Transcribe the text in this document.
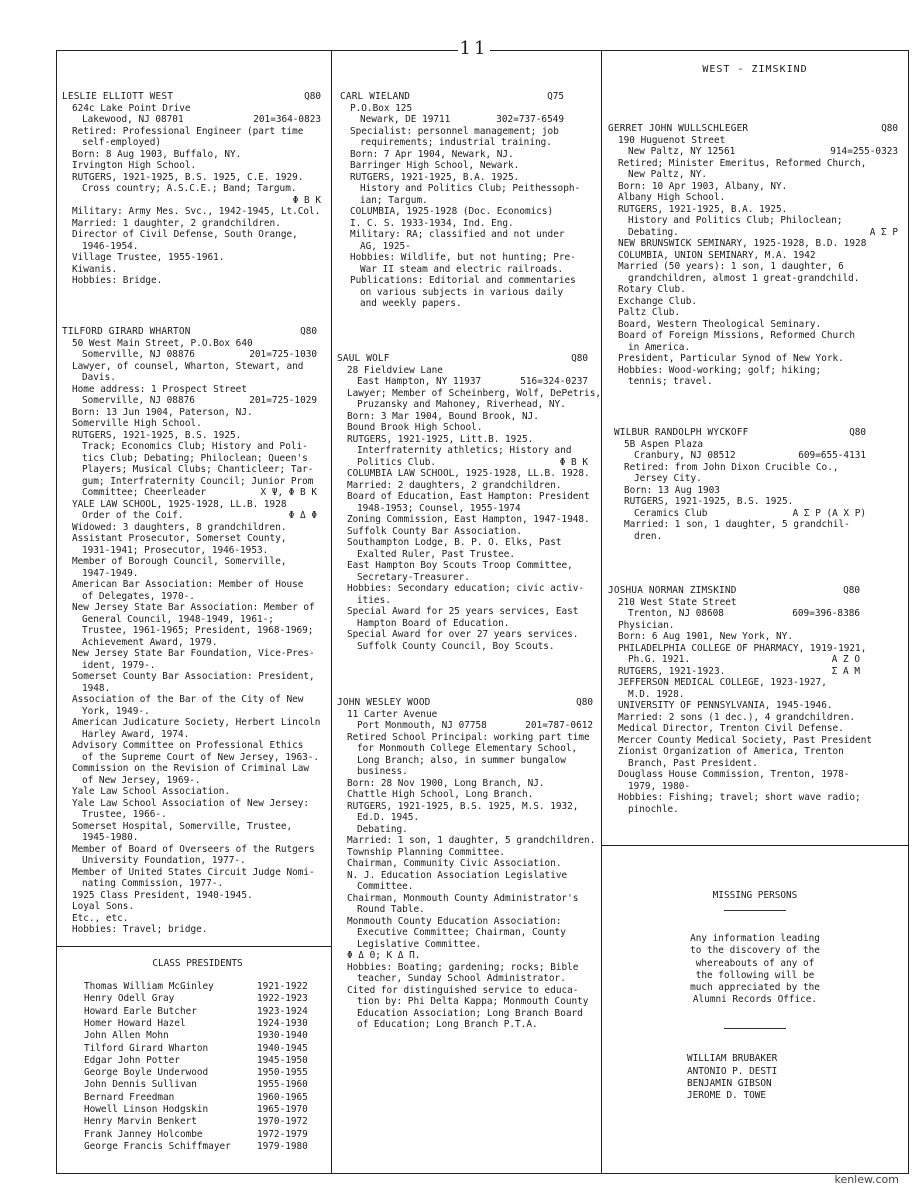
11
WEST - ZIMSKIND
LESLIE ELLIOTT WEST	Q80
624c Lake Point Drive
Lakewood, NJ 08701	201=364-0823
Retired: Professional Engineer (part time
self-employed)
Born: 8 Aug 1903, Buffalo, NY.
Irvington High School.
RUTGERS, 1921-1925, B.S. 1925, C.E. 1929.
Cross country; A.S.C.E.; Band; Targum.
Φ Β Κ
Military: Army Mes. Svc., 1942-1945, Lt.Col.
Married: 1 daughter, 2 grandchildren.
Director of Civil Defense, South Orange,
1946-1954.
Village Trustee, 1955-1961.
Kiwanis.
Hobbies: Bridge.
TILFORD GIRARD WHARTON	Q80
50 West Main Street, P.O.Box 640
Somerville, NJ 08876	201=725-1030
Lawyer, of counsel, Wharton, Stewart, and
Davis.
Home address: 1 Prospect Street
Somerville, NJ 08876	201=725-1029
Born: 13 Jun 1904, Paterson, NJ.
Somerville High School.
RUTGERS, 1921-1925, B.S. 1925.
Track; Economics Club; History and Poli-
tics Club; Debating; Philoclean; Queen's
Players; Musical Clubs; Chanticleer; Tar-
gum; Interfraternity Council; Junior Prom
Committee; Cheerleader	Χ Ψ, Φ Β Κ
YALE LAW SCHOOL, 1925-1928, LL.B. 1928
Order of the Coif.	Φ Δ Φ
Widowed: 3 daughters, 8 grandchildren.
Assistant Prosecutor, Somerset County,
1931-1941; Prosecutor, 1946-1953.
Member of Borough Council, Somerville,
1947-1949.
American Bar Association: Member of House
of Delegates, 1970-.
New Jersey State Bar Association: Member of
General Council, 1948-1949, 1961-;
Trustee, 1961-1965; President, 1968-1969;
Achievement Award, 1979.
New Jersey State Bar Foundation, Vice-Pres-
ident, 1979-.
Somerset County Bar Association: President,
1948.
Association of the Bar of the City of New
York, 1949-.
American Judicature Society, Herbert Lincoln
Harley Award, 1974.
Advisory Committee on Professional Ethics
of the Supreme Court of New Jersey, 1963-.
Commission on the Revision of Criminal Law
of New Jersey, 1969-.
Yale Law School Association.
Yale Law School Association of New Jersey:
Trustee, 1966-.
Somerset Hospital, Somerville, Trustee,
1945-1980.
Member of Board of Overseers of the Rutgers
University Foundation, 1977-.
Member of United States Circuit Judge Nomi-
nating Commission, 1977-.
1925 Class President, 1940-1945.
Loyal Sons.
Etc., etc.
Hobbies: Travel; bridge.
CARL WIELAND	Q75
P.O.Box 125
Newark, DE 19711	302=737-6549
Specialist: personnel management; job
requirements; industrial training.
Born: 7 Apr 1904, Newark, NJ.
Barringer High School, Newark.
RUTGERS, 1921-1925, B.A. 1925.
History and Politics Club; Peithessoph-
ian; Targum.
COLUMBIA, 1925-1928 (Doc. Economics)
I. C. S. 1933-1934, Ind. Eng.
Military: RA; classified and not under
AG, 1925-
Hobbies: Wildlife, but not hunting; Pre-
War II steam and electric railroads.
Publications: Editorial and commentaries
on various subjects in various daily
and weekly papers.
SAUL WOLF	Q80
28 Fieldview Lane
East Hampton, NY 11937	516=324-0237
Lawyer; Member of Scheinberg, Wolf, DePetris,
Pruzansky and Mahoney, Riverhead, NY.
Born: 3 Mar 1904, Bound Brook, NJ.
Bound Brook High School.
RUTGERS, 1921-1925, Litt.B. 1925.
Interfraternity athletics; History and
Politics Club.	Φ Β Κ
COLUMBIA LAW SCHOOL, 1925-1928, LL.B. 1928.
Married: 2 daughters, 2 grandchildren.
Board of Education, East Hampton: President
1948-1953; Counsel, 1955-1974
Zoning Commission, East Hampton, 1947-1948.
Suffolk County Bar Association.
Southampton Lodge, B. P. O. Elks, Past
Exalted Ruler, Past Trustee.
East Hampton Boy Scouts Troop Committee,
Secretary-Treasurer.
Hobbies: Secondary education; civic activ-
ities.
Special Award for 25 years services, East
Hampton Board of Education.
Special Award for over 27 years services.
Suffolk County Council, Boy Scouts.
JOHN WESLEY WOOD	Q80
11 Carter Avenue
Port Monmouth, NJ 07758	201=787-0612
Retired School Principal: working part time
for Monmouth College Elementary School,
Long Branch; also, in summer bungalow
business.
Born: 28 Nov 1900, Long Branch, NJ.
Chattle High School, Long Branch.
RUTGERS, 1921-1925, B.S. 1925, M.S. 1932,
Ed.D. 1945.
Debating.
Married: 1 son, 1 daughter, 5 grandchildren.
Township Planning Committee.
Chairman, Community Civic Association.
N. J. Education Association Legislative
Committee.
Chairman, Monmouth County Administrator's
Round Table.
Monmouth County Education Association:
Executive Committee; Chairman, County
Legislative Committee.
Φ Δ Θ; Κ Δ Π.
Hobbies: Boating; gardening; rocks; Bible
teacher, Sunday School Administrator.
Cited for distinguished service to educa-
tion by: Phi Delta Kappa; Monmouth County
Education Association; Long Branch Board
of Education; Long Branch P.T.A.
GERRET JOHN WULLSCHLEGER	Q80
190 Huguenot Street
New Paltz, NY 12561	914=255-0323
Retired; Minister Emeritus, Reformed Church,
New Paltz, NY.
Born: 10 Apr 1903, Albany, NY.
Albany High School.
RUTGERS, 1921-1925, B.A. 1925.
History and Politics Club; Philoclean;
Debating.	Α Σ Ρ
NEW BRUNSWICK SEMINARY, 1925-1928, B.D. 1928
COLUMBIA, UNION SEMINARY, M.A. 1942
Married (50 years): 1 son, 1 daughter, 6
grandchildren, almost 1 great-grandchild.
Rotary Club.
Exchange Club.
Paltz Club.
Board, Western Theological Seminary.
Board of Foreign Missions, Reformed Church
in America.
President, Particular Synod of New York.
Hobbies: Wood-working; golf; hiking;
tennis; travel.
WILBUR RANDOLPH WYCKOFF	Q80
5B Aspen Plaza
Cranbury, NJ 08512	609=655-4131
Retired: from John Dixon Crucible Co.,
Jersey City.
Born: 13 Aug 1903
RUTGERS, 1921-1925, B.S. 1925.
Ceramics Club	Α Σ Ρ (Α Χ Ρ)
Married: 1 son, 1 daughter, 5 grandchil-
dren.
JOSHUA NORMAN ZIMSKIND	Q80
210 West State Street
Trenton, NJ 08608	609=396-8386
Physician.
Born: 6 Aug 1901, New York, NY.
PHILADELPHIA COLLEGE OF PHARMACY, 1919-1921,
Ph.G. 1921.	Α Ζ Ο
RUTGERS, 1921-1923.	Σ Α Μ
JEFFERSON MEDICAL COLLEGE, 1923-1927,
M.D. 1928.
UNIVERSITY OF PENNSYLVANIA, 1945-1946.
Married: 2 sons (1 dec.), 4 grandchildren.
Medical Director, Trenton Civil Defense.
Mercer County Medical Society, Past President
Zionist Organization of America, Trenton
Branch, Past President.
Douglass House Commission, Trenton, 1978-
1979, 1980-
Hobbies: Fishing; travel; short wave radio;
pinochle.
CLASS PRESIDENTS
Thomas William McGinley	1921-1922
Henry Odell Gray	1922-1923
Howard Earle Butcher	1923-1924
Homer Howard Hazel	1924-1930
John Allen Mohn	1930-1940
Tilford Girard Wharton	1940-1945
Edgar John Potter	1945-1950
George Boyle Underwood	1950-1955
John Dennis Sullivan	1955-1960
Bernard Freedman	1960-1965
Howell Linson Hodgskin	1965-1970
Henry Marvin Benkert	1970-1972
Frank Janney Holcombe	1972-1979
George Francis Schiffmayer	1979-1980
MISSING PERSONS
Any information leading
to the discovery of the
whereabouts of any of
the following will be
much appreciated by the
Alumni Records Office.
WILLIAM BRUBAKER
ANTONIO P. DESTI
BENJAMIN GIBSON
JEROME D. TOWE
kenlew.com
